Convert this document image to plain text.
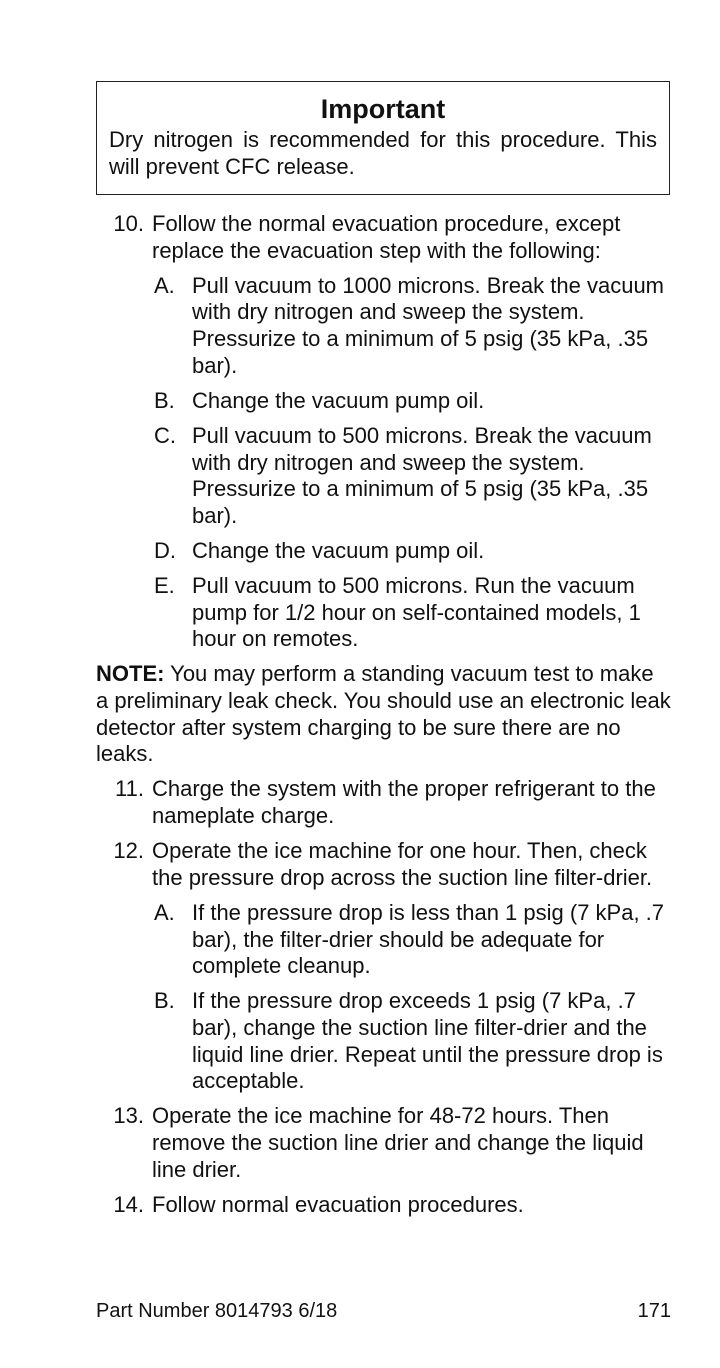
Important

Dry nitrogen is recommended for this procedure. This will prevent CFC release.

10. Follow the normal evacuation procedure, except replace the evacuation step with the following:
A. Pull vacuum to 1000 microns. Break the vacuum with dry nitrogen and sweep the system. Pressurize to a minimum of 5 psig (35 kPa, .35 bar).
B. Change the vacuum pump oil.
C. Pull vacuum to 500 microns. Break the vacuum with dry nitrogen and sweep the system. Pressurize to a minimum of 5 psig (35 kPa, .35 bar).
D. Change the vacuum pump oil.
E. Pull vacuum to 500 microns. Run the vacuum pump for 1/2 hour on self-contained models, 1 hour on remotes.

NOTE: You may perform a standing vacuum test to make a preliminary leak check. You should use an electronic leak detector after system charging to be sure there are no leaks.

11. Charge the system with the proper refrigerant to the nameplate charge.
12. Operate the ice machine for one hour. Then, check the pressure drop across the suction line filter-drier.
A. If the pressure drop is less than 1 psig (7 kPa, .7 bar), the filter-drier should be adequate for complete cleanup.
B. If the pressure drop exceeds 1 psig (7 kPa, .7 bar), change the suction line filter-drier and the liquid line drier. Repeat until the pressure drop is acceptable.
13. Operate the ice machine for 48-72 hours. Then remove the suction line drier and change the liquid line drier.
14. Follow normal evacuation procedures.
Part Number 8014793 6/18	171
